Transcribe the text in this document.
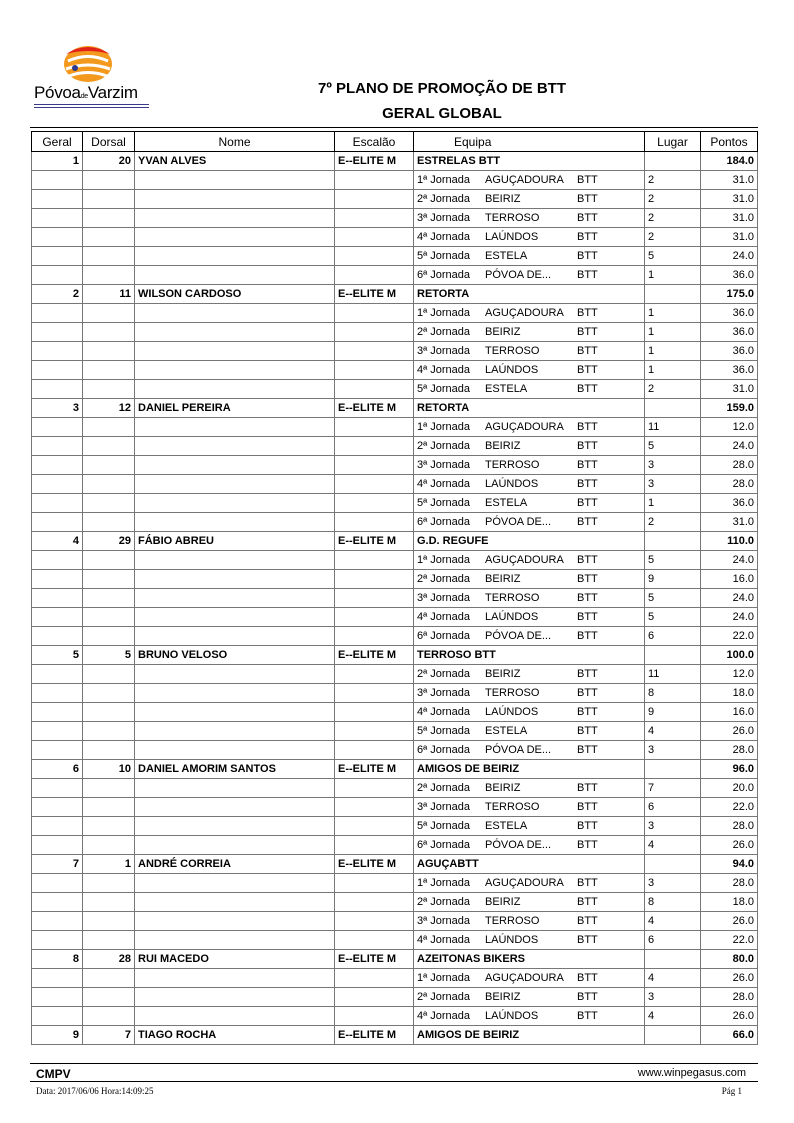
PóvoadeVarzim	7º PLANO DE PROMOÇÃO DE BTT
GERAL GLOBAL
Geral	Dorsal	Nome	Escalão	Equipa	Lugar	Pontos
1	20	YVAN ALVES	E--ELITE M	ESTRELAS BTT		184.0
				1ª Jornada AGUÇADOURA BTT	2	31.0
				2ª Jornada BEIRIZ BTT	2	31.0
				3ª Jornada TERROSO BTT	2	31.0
				4ª Jornada LAÚNDOS BTT	2	31.0
				5ª Jornada ESTELA BTT	5	24.0
				6ª Jornada PÓVOA DE... BTT	1	36.0
2	11	WILSON CARDOSO	E--ELITE M	RETORTA		175.0
				1ª Jornada AGUÇADOURA BTT	1	36.0
				2ª Jornada BEIRIZ BTT	1	36.0
				3ª Jornada TERROSO BTT	1	36.0
				4ª Jornada LAÚNDOS BTT	1	36.0
				5ª Jornada ESTELA BTT	2	31.0
3	12	DANIEL PEREIRA	E--ELITE M	RETORTA		159.0
				1ª Jornada AGUÇADOURA BTT	11	12.0
				2ª Jornada BEIRIZ BTT	5	24.0
				3ª Jornada TERROSO BTT	3	28.0
				4ª Jornada LAÚNDOS BTT	3	28.0
				5ª Jornada ESTELA BTT	1	36.0
				6ª Jornada PÓVOA DE... BTT	2	31.0
4	29	FÁBIO ABREU	E--ELITE M	G.D. REGUFE		110.0
				1ª Jornada AGUÇADOURA BTT	5	24.0
				2ª Jornada BEIRIZ BTT	9	16.0
				3ª Jornada TERROSO BTT	5	24.0
				4ª Jornada LAÚNDOS BTT	5	24.0
				6ª Jornada PÓVOA DE... BTT	6	22.0
5	5	BRUNO VELOSO	E--ELITE M	TERROSO BTT		100.0
				2ª Jornada BEIRIZ BTT	11	12.0
				3ª Jornada TERROSO BTT	8	18.0
				4ª Jornada LAÚNDOS BTT	9	16.0
				5ª Jornada ESTELA BTT	4	26.0
				6ª Jornada PÓVOA DE... BTT	3	28.0
6	10	DANIEL AMORIM SANTOS	E--ELITE M	AMIGOS DE BEIRIZ		96.0
				2ª Jornada BEIRIZ BTT	7	20.0
				3ª Jornada TERROSO BTT	6	22.0
				5ª Jornada ESTELA BTT	3	28.0
				6ª Jornada PÓVOA DE... BTT	4	26.0
7	1	ANDRÉ CORREIA	E--ELITE M	AGUÇABTT		94.0
				1ª Jornada AGUÇADOURA BTT	3	28.0
				2ª Jornada BEIRIZ BTT	8	18.0
				3ª Jornada TERROSO BTT	4	26.0
				4ª Jornada LAÚNDOS BTT	6	22.0
8	28	RUI MACEDO	E--ELITE M	AZEITONAS BIKERS		80.0
				1ª Jornada AGUÇADOURA BTT	4	26.0
				2ª Jornada BEIRIZ BTT	3	28.0
				4ª Jornada LAÚNDOS BTT	4	26.0
9	7	TIAGO ROCHA	E--ELITE M	AMIGOS DE BEIRIZ		66.0
CMPV	www.winpegasus.com
Data: 2017/06/06 Hora:14:09:25	Pág 1
